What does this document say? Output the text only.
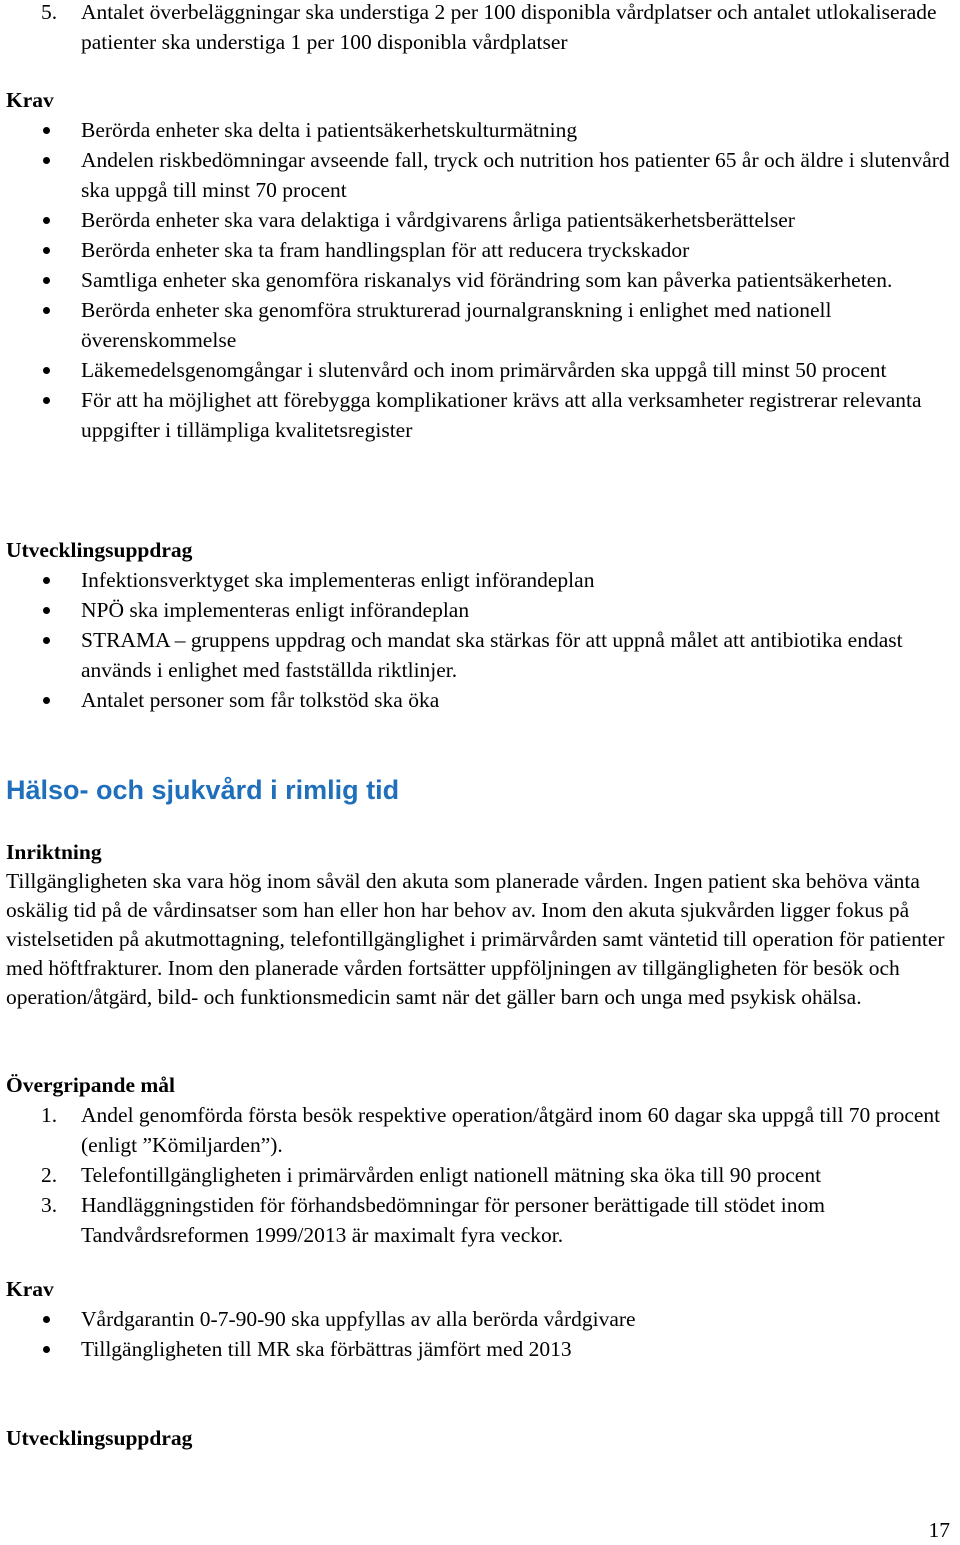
5. Antalet överbeläggningar ska understiga 2 per 100 disponibla vårdplatser och antalet utlokaliserade patienter ska understiga 1 per 100 disponibla vårdplatser
Krav
Berörda enheter ska delta i patientsäkerhetskulturmätning
Andelen riskbedömningar avseende fall, tryck och nutrition hos patienter 65 år och äldre i slutenvård ska uppgå till minst 70 procent
Berörda enheter ska vara delaktiga i vårdgivarens årliga patientsäkerhetsberättelser
Berörda enheter ska ta fram handlingsplan för att reducera tryckskador
Samtliga enheter ska genomföra riskanalys vid förändring som kan påverka patientsäkerheten.
Berörda enheter ska genomföra strukturerad journalgranskning i enlighet med nationell överenskommelse
Läkemedelsgenomgångar i slutenvård och inom primärvården ska uppgå till minst 50 procent
För att ha möjlighet att förebygga komplikationer krävs att alla verksamheter registrerar relevanta uppgifter i tillämpliga kvalitetsregister
Utvecklingsuppdrag
Infektionsverktyget ska implementeras enligt införandeplan
NPÖ ska implementeras enligt införandeplan
STRAMA – gruppens uppdrag och mandat ska stärkas för att uppnå målet att antibiotika endast används i enlighet med fastställda riktlinjer.
Antalet personer som får tolkstöd ska öka
Hälso- och sjukvård i rimlig tid
Inriktning
Tillgängligheten ska vara hög inom såväl den akuta som planerade vården. Ingen patient ska behöva vänta oskälig tid på de vårdinsatser som han eller hon har behov av. Inom den akuta sjukvården ligger fokus på vistelsetiden på akutmottagning, telefontillgänglighet i primärvården samt väntetid till operation för patienter med höftfrakturer. Inom den planerade vården fortsätter uppföljningen av tillgängligheten för besök och operation/åtgärd, bild- och funktionsmedicin samt när det gäller barn och unga med psykisk ohälsa.
Övergripande mål
1. Andel genomförda första besök respektive operation/åtgärd inom 60 dagar ska uppgå till 70 procent (enligt ”Kömiljarden”).
2. Telefontillgängligheten i primärvården enligt nationell mätning ska öka till 90 procent
3. Handläggningstiden för förhandsbedömningar för personer berättigade till stödet inom Tandvårdsreformen 1999/2013 är maximalt fyra veckor.
Krav
Vårdgarantin 0-7-90-90 ska uppfyllas av alla berörda vårdgivare
Tillgängligheten till MR ska förbättras jämfört med 2013
Utvecklingsuppdrag
17
